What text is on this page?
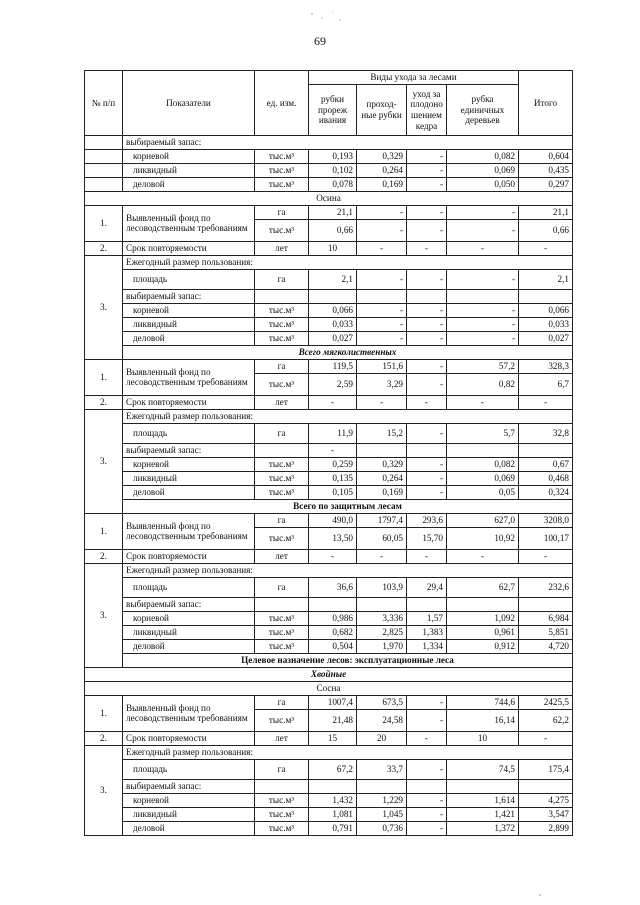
69
№ п/п	Показатели	ед. изм.	Виды ухода за лесами				Итого
			рубки прореж ивания	проход- ные рубки	уход за плодоно шением кедра	рубка единичных деревьев	
	выбираемый запас:						
	корневой	тыс.м³	0,193	0,329	-	0,082	0,604
	ликвидный	тыс.м³	0,102	0,264	-	0,069	0,435
	деловой	тыс.м³	0,078	0,169	-	0,050	0,297
Осина							
1.	Выявленный фонд по лесоводственным требованиям	га	21,1	-	-	-	21,1
		тыс.м³	0,66	-	-	-	0,66
2.	Срок повторяемости	лет	10	-	-	-	-
3.	Ежегодный размер пользования:						
	площадь	га	2,1	-	-	-	2,1
	выбираемый запас:						
	корневой	тыс.м³	0,066	-	-	-	0,066
	ликвидный	тыс.м³	0,033	-	-	-	0,033
	деловой	тыс.м³	0,027	-	-	-	0,027
	Всего мягколиственных						
1.	Выявленный фонд по лесоводственным требованиям	га	119,5	151,6	-	57,2	328,3
		тыс.м³	2,59	3,29	-	0,82	6,7
2.	Срок повторяемости	лет	-	-	-	-	-
3.	Ежегодный размер пользования:						
	площадь	га	11,9	15,2	-	5,7	32,8
	выбираемый запас:		-				
	корневой	тыс.м³	0,259	0,329	-	0,082	0,67
	ликвидный	тыс.м³	0,135	0,264	-	0,069	0,468
	деловой	тыс.м³	0,105	0,169	-	0,05	0,324
	Всего по защитным лесам						
1.	Выявленный фонд по лесоводственным требованиям	га	490,0	1797,4	293,6	627,0	3208,0
		тыс.м³	13,50	60,05	15,70	10,92	100,17
2.	Срок повторяемости	лет	-	-	-	-	-
3.	Ежегодный размер пользования:						
	площадь	га	36,6	103,9	29,4	62,7	232,6
	выбираемый запас:						
	корневой	тыс.м³	0,986	3,336	1,57	1,092	6,984
	ликвидный	тыс.м³	0,682	2,825	1,383	0,961	5,851
	деловой	тыс.м³	0,504	1,970	1,334	0,912	4,720
	Целевое назначение лесов: эксплуатационные леса						
Хвойные							
Сосна							
1.	Выявленный фонд по лесоводственным требованиям	га	1007,4	673,5	-	744,6	2425,5
		тыс.м³	21,48	24,58	-	16,14	62,2
2.	Срок повторяемости	лет	15	20	-	10	-
3.	Ежегодный размер пользования:						
	площадь	га	67,2	33,7	-	74,5	175,4
	выбираемый запас:						
	корневой	тыс.м³	1,432	1,229	-	1,614	4,275
	ликвидный	тыс.м³	1,081	1,045	-	1,421	3,547
	деловой	тыс.м³	0,791	0,736	-	1,372	2,899
